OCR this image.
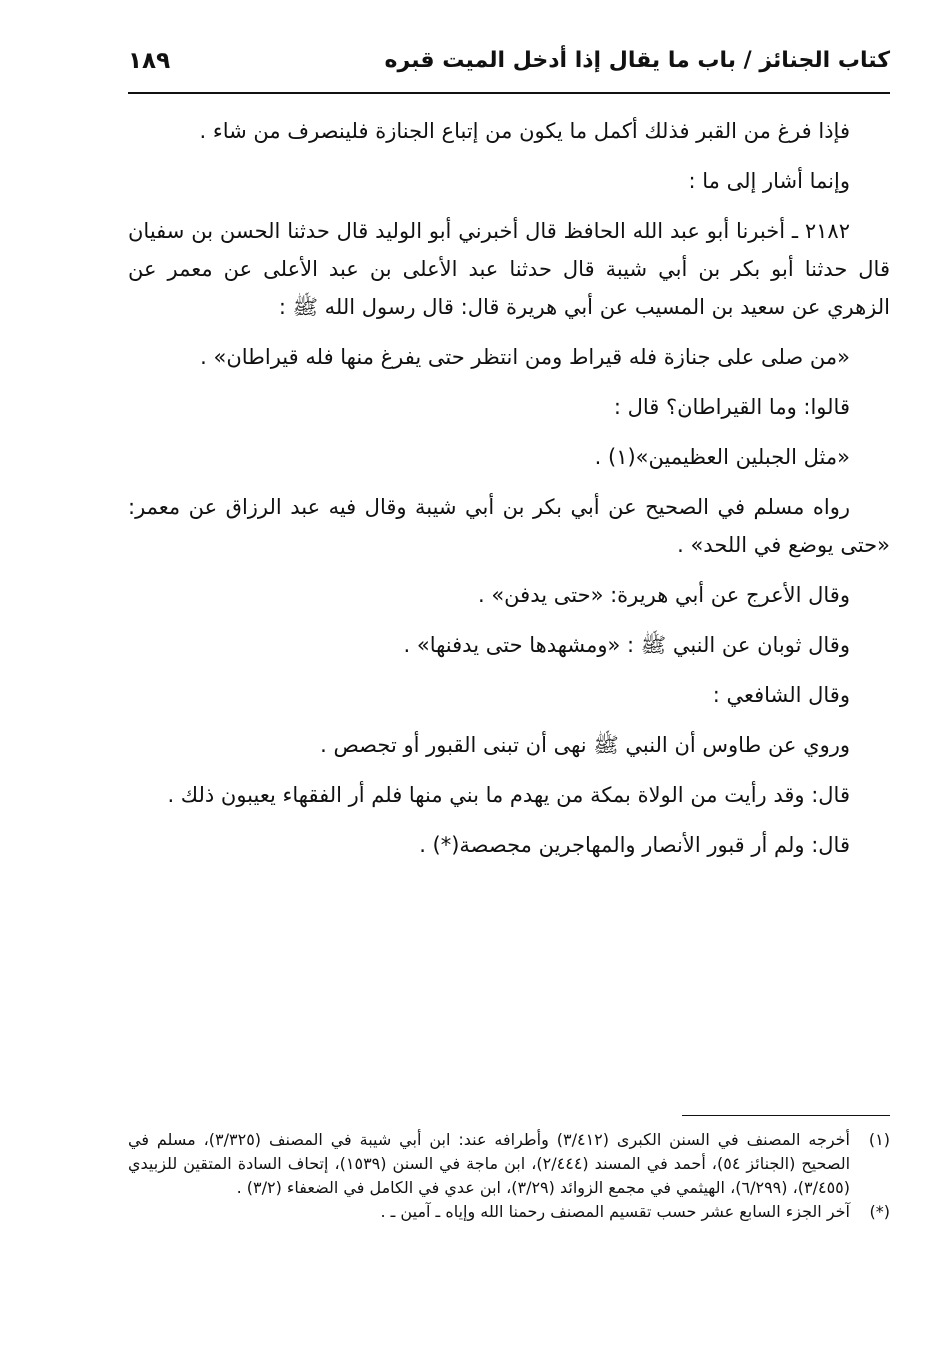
كتاب الجنائز / باب ما يقال إذا أدخل الميت قبره
١٨٩

فإذا فرغ من القبر فذلك أكمل ما يكون من إتباع الجنازة فلينصرف من شاء .

وإنما أشار إلى ما :

٢١٨٢ ـ أخبرنا أبو عبد الله الحافظ قال أخبرني أبو الوليد قال حدثنا الحسن بن سفيان قال حدثنا أبو بكر بن أبي شيبة قال حدثنا عبد الأعلى بن عبد الأعلى عن معمر عن الزهري عن سعيد بن المسيب عن أبي هريرة قال: قال رسول الله ﷺ :

«من صلى على جنازة فله قيراط ومن انتظر حتى يفرغ منها فله قيراطان» .

قالوا: وما القيراطان؟ قال :

«مثل الجبلين العظيمين»(١) .

رواه مسلم في الصحيح عن أبي بكر بن أبي شيبة وقال فيه عبد الرزاق عن معمر: «حتى يوضع في اللحد» .

وقال الأعرج عن أبي هريرة: «حتى يدفن» .

وقال ثوبان عن النبي ﷺ : «ومشهدها حتى يدفنها» .

وقال الشافعي :

وروي عن طاوس أن النبي ﷺ نهى أن تبنى القبور أو تجصص .

قال: وقد رأيت من الولاة بمكة من يهدم ما بني منها فلم أر الفقهاء يعيبون ذلك .

قال: ولم أر قبور الأنصار والمهاجرين مجصصة(*) .

(١)
أخرجه المصنف في السنن الكبرى (٣/٤١٢) وأطرافه عند: ابن أبي شيبة في المصنف (٣/٣٢٥)، مسلم في الصحيح (الجنائز ٥٤)، أحمد في المسند (٢/٤٤٤)، ابن ماجة في السنن (١٥٣٩)، إتحاف السادة المتقين للزبيدي (٣/٤٥٥)، (٦/٢٩٩)، الهيثمي في مجمع الزوائد (٣/٢٩)، ابن عدي في الكامل في الضعفاء (٣/٢) .
(*)
آخر الجزء السابع عشر حسب تقسيم المصنف رحمنا الله وإياه ـ آمين ـ .
